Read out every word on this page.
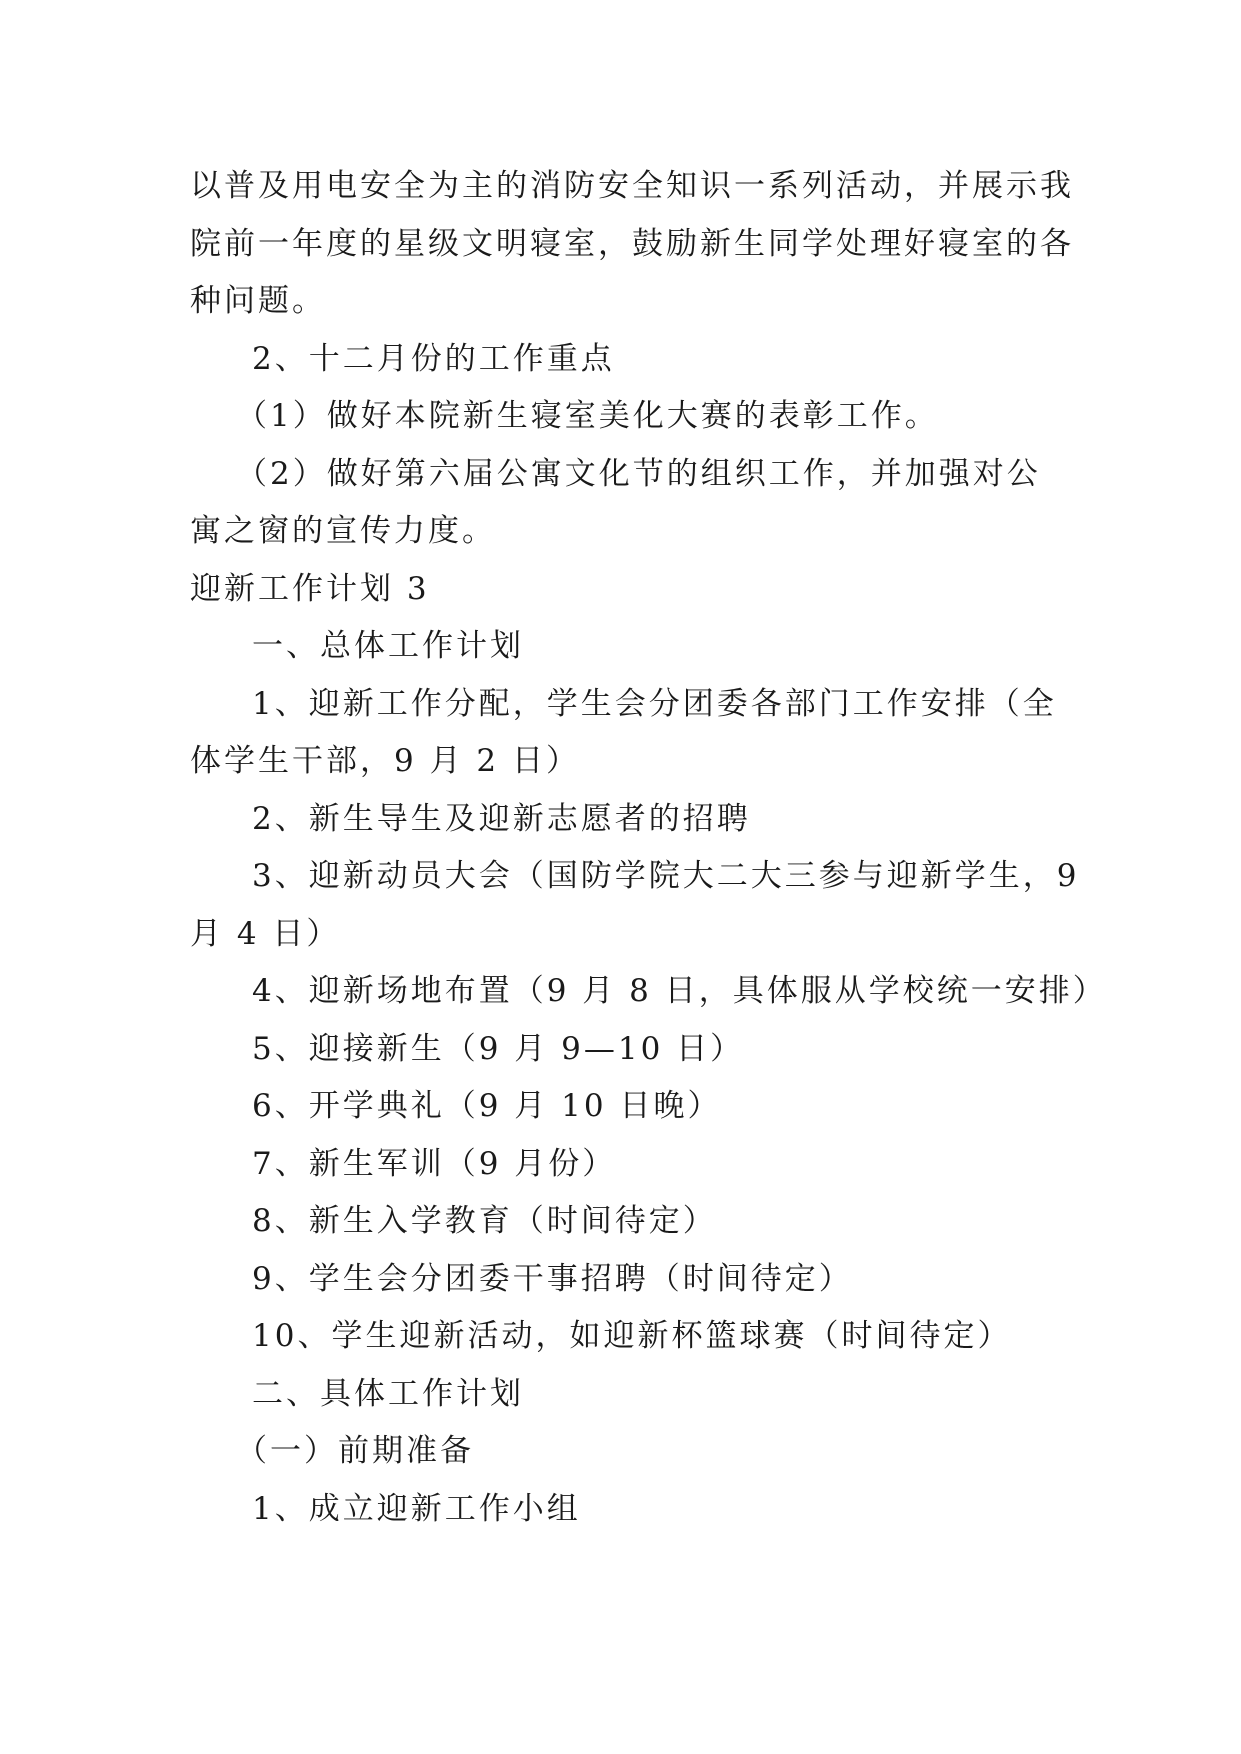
以普及用电安全为主的消防安全知识一系列活动，并展示我
院前一年度的星级文明寝室，鼓励新生同学处理好寝室的各
种问题。
2、十二月份的工作重点
（1）做好本院新生寝室美化大赛的表彰工作。
（2）做好第六届公寓文化节的组织工作，并加强对公
寓之窗的宣传力度。
迎新工作计划 3
一、总体工作计划
1、迎新工作分配，学生会分团委各部门工作安排（全
体学生干部，9 月 2 日）
2、新生导生及迎新志愿者的招聘
3、迎新动员大会（国防学院大二大三参与迎新学生，9
月 4 日）
4、迎新场地布置（9 月 8 日，具体服从学校统一安排）
5、迎接新生（9 月 9—10 日）
6、开学典礼（9 月 10 日晚）
7、新生军训（9 月份）
8、新生入学教育（时间待定）
9、学生会分团委干事招聘（时间待定）
10、学生迎新活动，如迎新杯篮球赛（时间待定）
二、具体工作计划
（一）前期准备
1、成立迎新工作小组
